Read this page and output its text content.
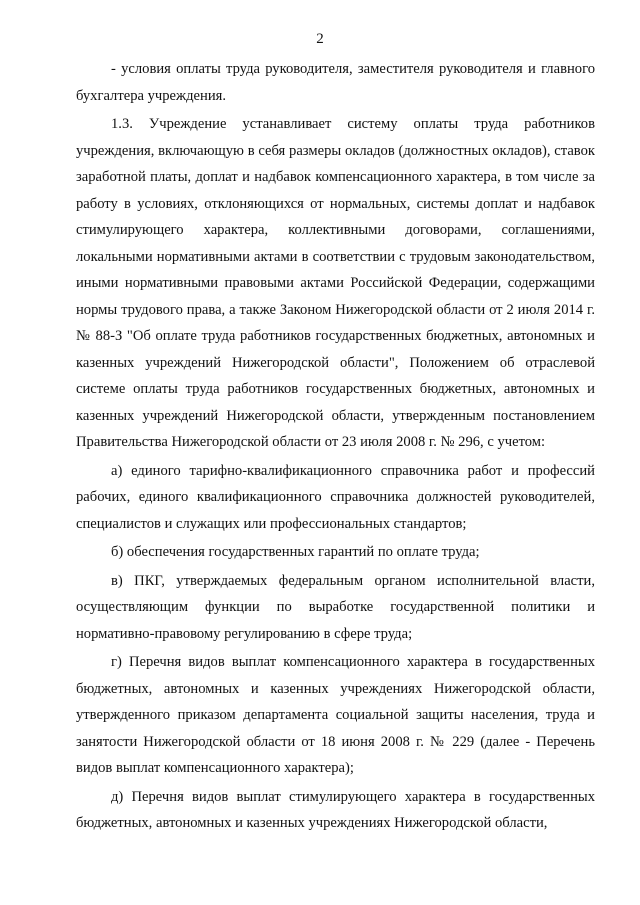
2

- условия оплаты труда руководителя, заместителя руководителя и главного бухгалтера учреждения.

1.3. Учреждение устанавливает систему оплаты труда работников учреждения, включающую в себя размеры окладов (должностных окладов), ставок заработной платы, доплат и надбавок компенсационного характера, в том числе за работу в условиях, отклоняющихся от нормальных, системы доплат и надбавок стимулирующего характера, коллективными договорами, соглашениями, локальными нормативными актами в соответствии с трудовым законодательством, иными нормативными правовыми актами Российской Федерации, содержащими нормы трудового права, а также Законом Нижегородской области от 2 июля 2014 г. № 88-З "Об оплате труда работников государственных бюджетных, автономных и казенных учреждений Нижегородской области", Положением об отраслевой системе оплаты труда работников государственных бюджетных, автономных и казенных учреждений Нижегородской области, утвержденным постановлением Правительства Нижегородской области от 23 июля 2008 г. № 296, с учетом:

а) единого тарифно-квалификационного справочника работ и профессий рабочих, единого квалификационного справочника должностей руководителей, специалистов и служащих или профессиональных стандартов;

б) обеспечения государственных гарантий по оплате труда;

в) ПКГ, утверждаемых федеральным органом исполнительной власти, осуществляющим функции по выработке государственной политики и нормативно-правовому регулированию в сфере труда;

г) Перечня видов выплат компенсационного характера в государственных бюджетных, автономных и казенных учреждениях Нижегородской области, утвержденного приказом департамента социальной защиты населения, труда и занятости Нижегородской области от 18 июня 2008 г. № 229 (далее - Перечень видов выплат компенсационного характера);

д) Перечня видов выплат стимулирующего характера в государственных бюджетных, автономных и казенных учреждениях Нижегородской области,
